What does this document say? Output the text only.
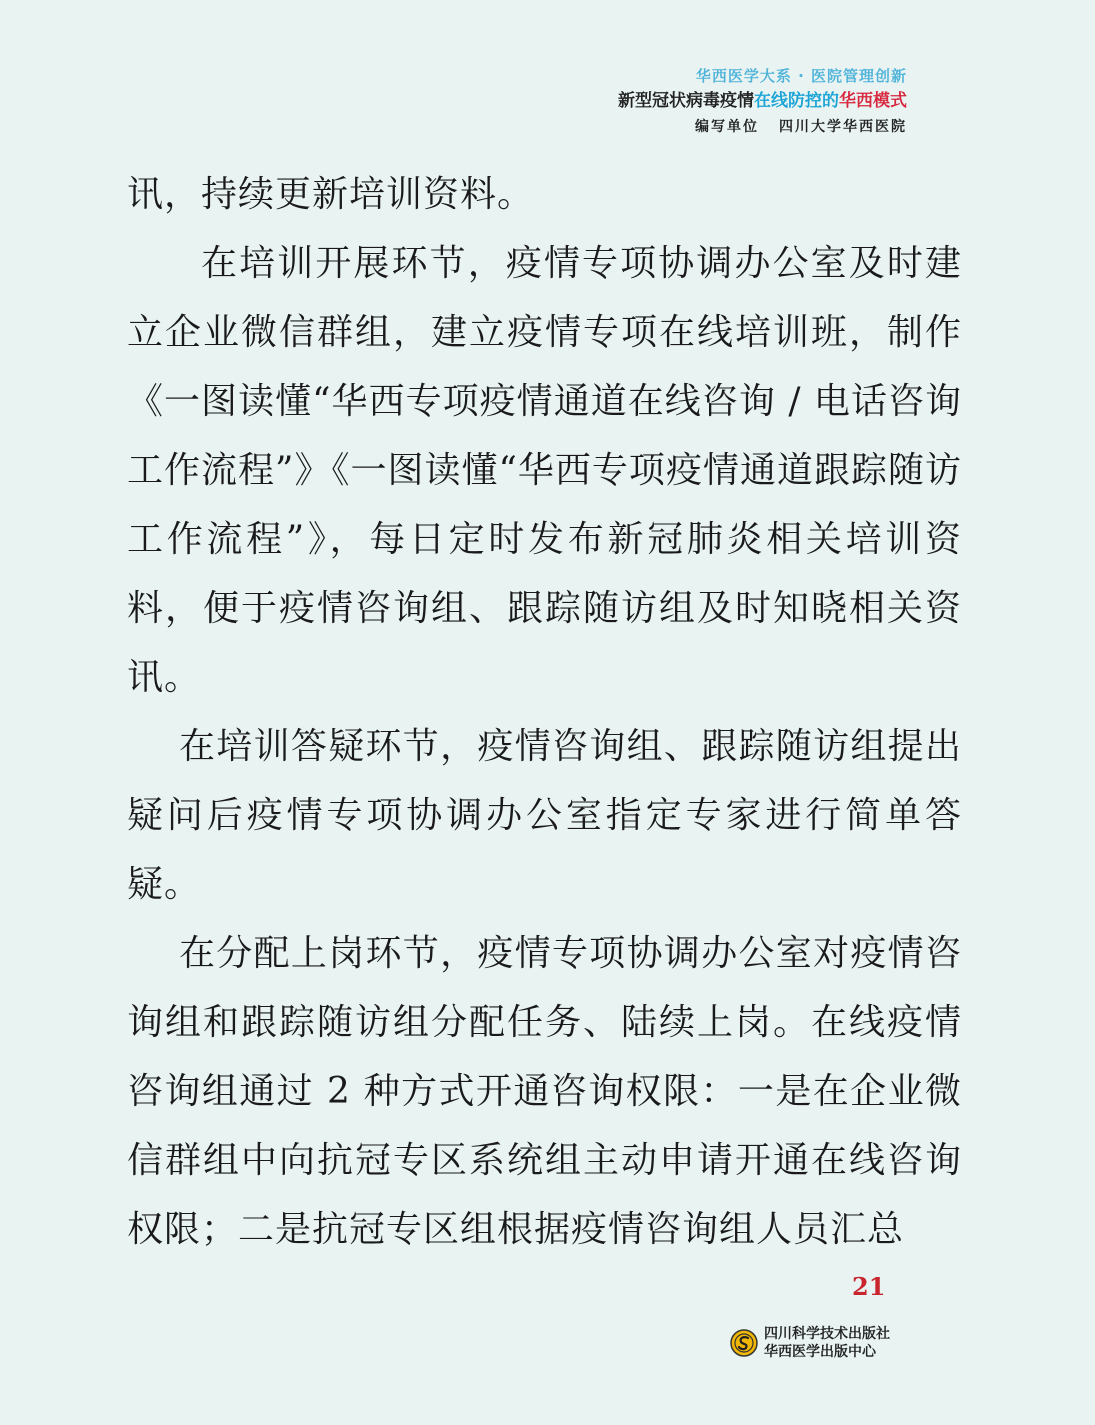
华西医学大系 · 医院管理创新

新型冠状病毒疫情在线防控的华西模式

编写单位 四川大学华西医院

讯，持续更新培训资料。

在培训开展环节，疫情专项协调办公室及时建立企业微信群组，建立疫情专项在线培训班，制作《一图读懂“华西专项疫情通道在线咨询 / 电话咨询工作流程”》《一图读懂“华西专项疫情通道跟踪随访工作流程”》，每日定时发布新冠肺炎相关培训资料，便于疫情咨询组、跟踪随访组及时知晓相关资讯。

在培训答疑环节，疫情咨询组、跟踪随访组提出疑问后疫情专项协调办公室指定专家进行简单答疑。

在分配上岗环节，疫情专项协调办公室对疫情咨询组和跟踪随访组分配任务、陆续上岗。在线疫情咨询组通过 2 种方式开通咨询权限：一是在企业微信群组中向抗冠专区系统组主动申请开通在线咨询权限；二是抗冠专区组根据疫情咨询组人员汇总

21
四川科学技术出版社
华西医学出版中心
